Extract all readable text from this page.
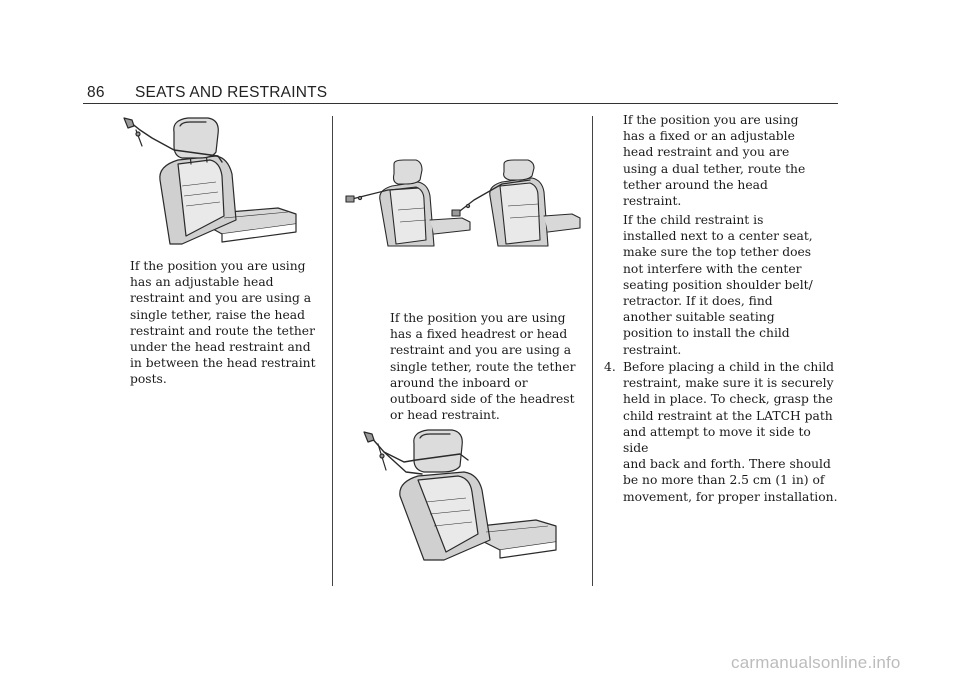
86 SEATS AND RESTRAINTS

If the position you are using
has an adjustable head
restraint and you are using a
single tether, raise the head
restraint and route the tether
under the head restraint and
in between the head restraint
posts.

If the position you are using
has a fixed headrest or head
restraint and you are using a
single tether, route the tether
around the inboard or
outboard side of the headrest
or head restraint.

If the position you are using
has a fixed or an adjustable
head restraint and you are
using a dual tether, route the
tether around the head
restraint.

If the child restraint is
installed next to a center seat,
make sure the top tether does
not interfere with the center
seating position shoulder belt/
retractor. If it does, find
another suitable seating
position to install the child
restraint.

4. Before placing a child in the child
restraint, make sure it is securely
held in place. To check, grasp the
child restraint at the LATCH path
and attempt to move it side to side
and back and forth. There should
be no more than 2.5 cm (1 in) of
movement, for proper installation.
carmanualsonline.info
